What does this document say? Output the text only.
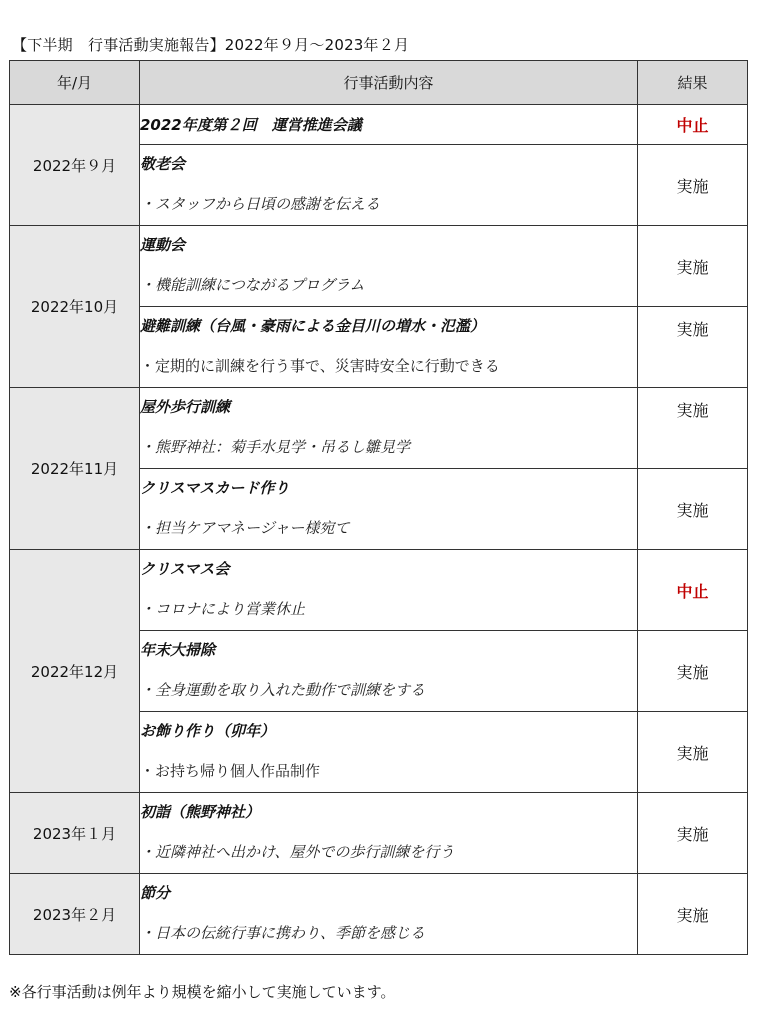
【下半期　行事活動実施報告】2022年９月～2023年２月
年/月	行事活動内容	結果
2022年９月	2022年度第２回　運営推進会議	中止

	敬老会
・スタッフから日頃の感謝を伝える	実施
2022年10月	運動会
・機能訓練につながるプログラム	実施

	避難訓練（台風・豪雨による金目川の増水・氾濫）
・定期的に訓練を行う事で、災害時安全に行動できる	実施
2022年11月	屋外歩行訓練
・熊野神社：菊手水見学・吊るし雛見学	実施

	クリスマスカード作り
・担当ケアマネージャー様宛て	実施
2022年12月	クリスマス会
・コロナにより営業休止	中止

	年末大掃除
・全身運動を取り入れた動作で訓練をする	実施

	お飾り作り（卯年）
・お持ち帰り個人作品制作	実施
2023年１月	初詣（熊野神社）
・近隣神社へ出かけ、屋外での歩行訓練を行う	実施
2023年２月	節分
・日本の伝統行事に携わり、季節を感じる	実施
※各行事活動は例年より規模を縮小して実施しています。
